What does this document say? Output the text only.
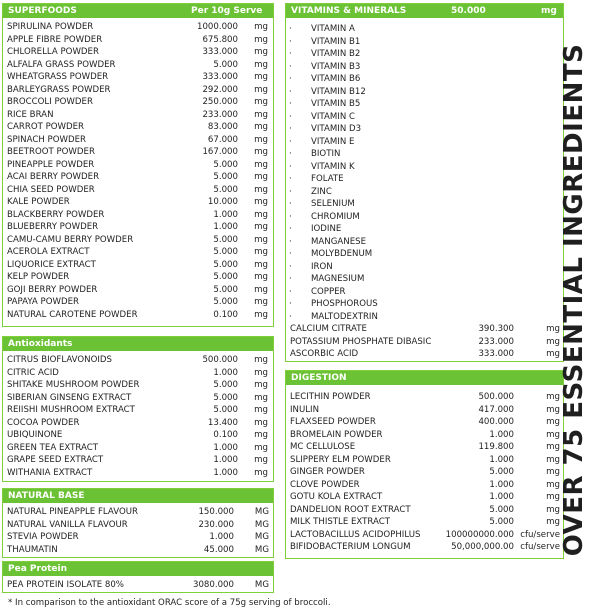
SUPERFOODS	Per 10g Serve
SPIRULINA POWDER	1000.000 mg
APPLE FIBRE POWDER	675.800 mg
CHLORELLA POWDER	333.000 mg
ALFALFA GRASS POWDER	5.000 mg
WHEATGRASS POWDER	333.000 mg
BARLEYGRASS POWDER	292.000 mg
BROCCOLI POWDER	250.000 mg
RICE BRAN	233.000 mg
CARROT POWDER	83.000 mg
SPINACH POWDER	67.000 mg
BEETROOT POWDER	167.000 mg
PINEAPPLE POWDER	5.000 mg
ACAI BERRY POWDER	5.000 mg
CHIA SEED POWDER	5.000 mg
KALE POWDER	10.000 mg
BLACKBERRY POWDER	1.000 mg
BLUEBERRY POWDER	1.000 mg
CAMU-CAMU BERRY POWDER	5.000 mg
ACEROLA EXTRACT	5.000 mg
LIQUORICE EXTRACT	5.000 mg
KELP POWDER	5.000 mg
GOJI BERRY POWDER	5.000 mg
PAPAYA POWDER	5.000 mg
NATURAL CAROTENE POWDER	0.100 mg
Antioxidants
CITRUS BIOFLAVONOIDS	500.000 mg
CITRIC ACID	1.000 mg
SHITAKE MUSHROOM POWDER	5.000 mg
SIBERIAN GINSENG EXTRACT	5.000 mg
REIISHI MUSHROOM EXTRACT	5.000 mg
COCOA POWDER	13.400 mg
UBIQUINONE	0.100 mg
GREEN TEA EXTRACT	1.000 mg
GRAPE SEED EXTRACT	1.000 mg
WITHANIA EXTRACT	1.000 mg
NATURAL BASE
NATURAL PINEAPPLE FLAVOUR	150.000 MG
NATURAL VANILLA FLAVOUR	230.000 MG
STEVIA POWDER	1.000 MG
THAUMATIN	45.000 MG
Pea Protein
PEA PROTEIN ISOLATE 80%	3080.000 MG
VITAMINS & MINERALS	50.000	mg
· VITAMIN A
· VITAMIN B1
· VITAMIN B2
· VITAMIN B3
· VITAMIN B6
· VITAMIN B12
· VITAMIN B5
· VITAMIN C
· VITAMIN D3
· VITAMIN E
· BIOTIN
· VITAMIN K
· FOLATE
· ZINC
· SELENIUM
· CHROMIUM
· IODINE
· MANGANESE
· MOLYBDENUM
· IRON
· MAGNESIUM
· COPPER
· PHOSPHOROUS
· MALTODEXTRIN
CALCIUM CITRATE	390.300	mg
POTASSIUM PHOSPHATE DIBASIC	233.000	mg
ASCORBIC ACID	333.000	mg
DIGESTION
LECITHIN POWDER	500.000	mg
INULIN	417.000	mg
FLAXSEED POWDER	400.000	mg
BROMELAIN POWDER	1.000	mg
MC CELLULOSE	119.800	mg
SLIPPERY ELM POWDER	1.000	mg
GINGER POWDER	5.000	mg
CLOVE POWDER	1.000	mg
GOTU KOLA EXTRACT	1.000	mg
DANDELION ROOT EXTRACT	5.000	mg
MILK THISTLE EXTRACT	5.000	mg
LACTOBACILLUS ACIDOPHILUS	100000000.000 cfu/serve
BIFIDOBACTERIUM LONGUM	50,000,000.00 cfu/serve OVER 75 ESSENTIAL INGREDIENTS
* In comparison to the antioxidant ORAC score of a 75g serving of broccoli.
